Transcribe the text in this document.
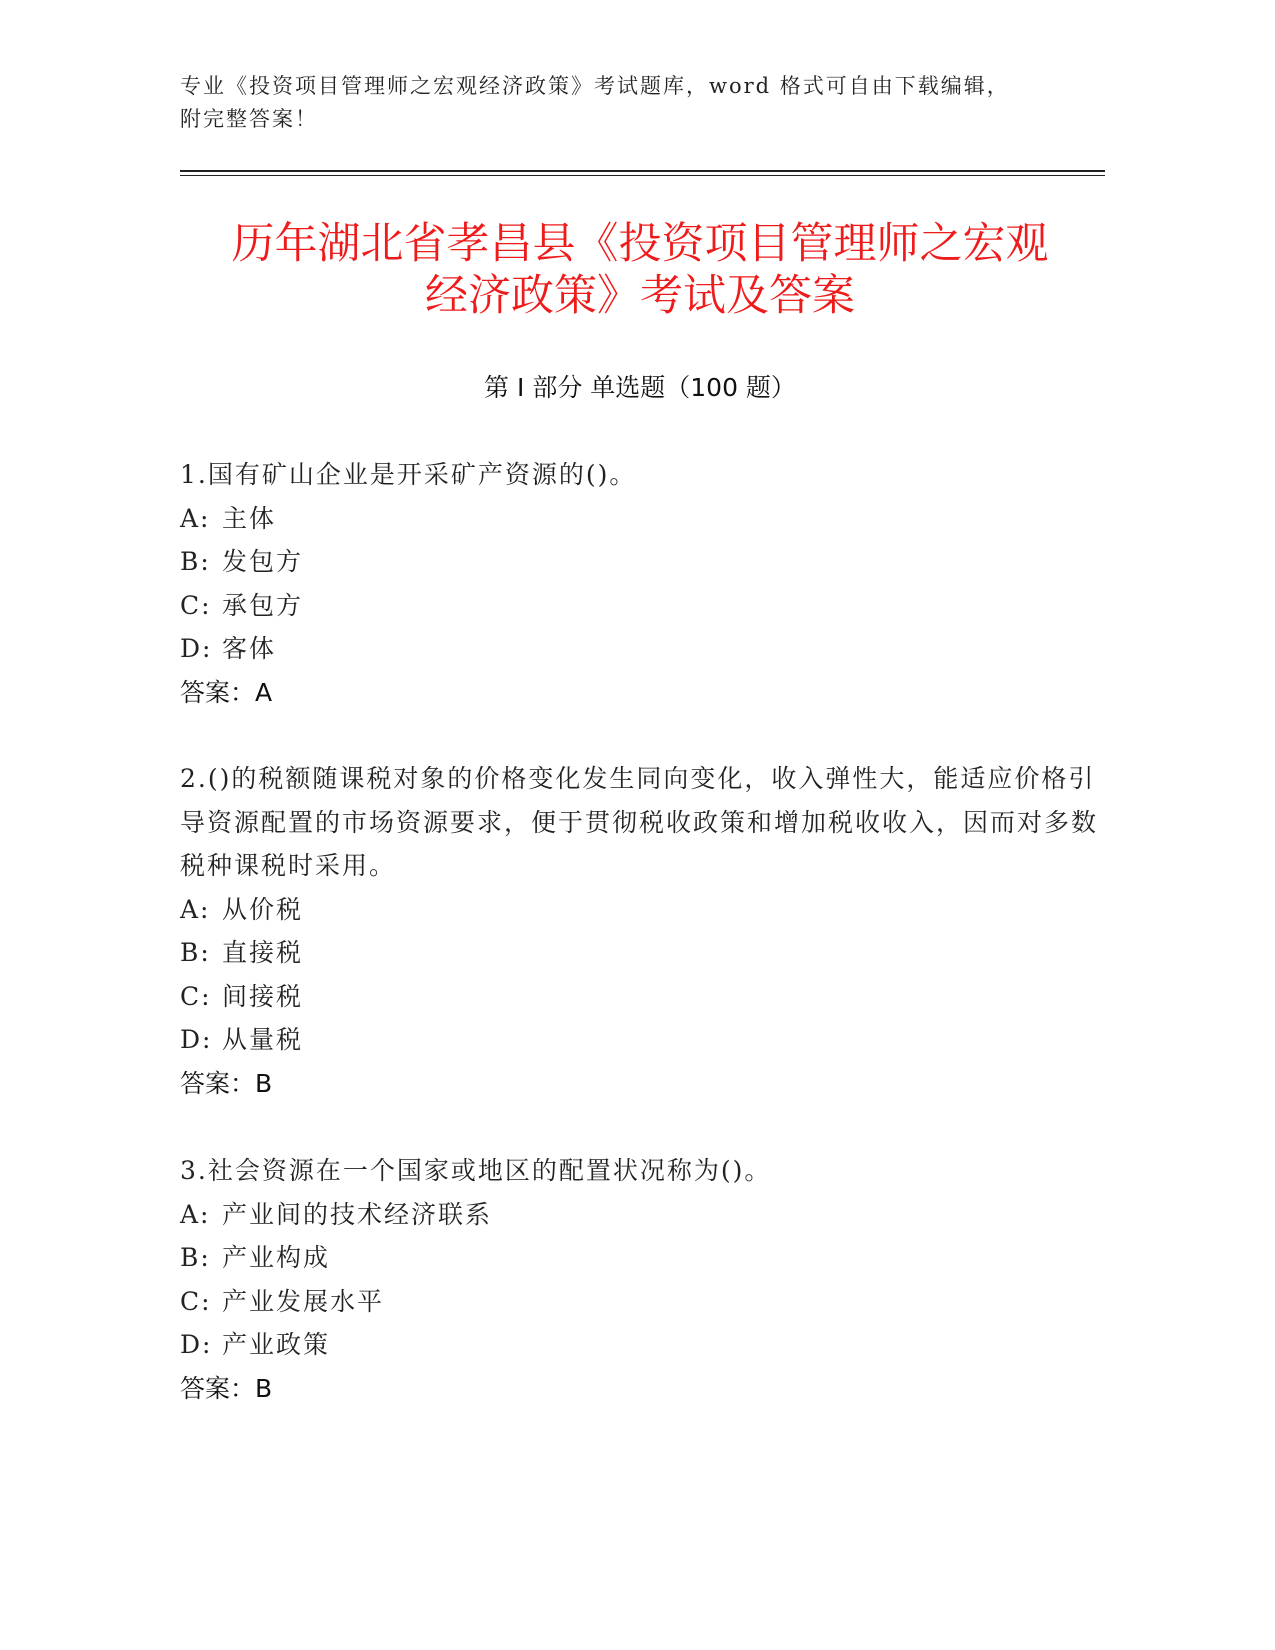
专业《投资项目管理师之宏观经济政策》考试题库，word 格式可自由下载编辑，
附完整答案！
历年湖北省孝昌县《投资项目管理师之宏观
经济政策》考试及答案
第 I 部分 单选题（100 题）

1.国有矿山企业是开采矿产资源的()。

A: 主体

B: 发包方

C: 承包方

D: 客体

答案：A

2.()的税额随课税对象的价格变化发生同向变化，收入弹性大，能适应价格引导资源配置的市场资源要求，便于贯彻税收政策和增加税收收入，因而对多数税种课税时采用。

A: 从价税

B: 直接税

C: 间接税

D: 从量税

答案：B

3.社会资源在一个国家或地区的配置状况称为()。

A: 产业间的技术经济联系

B: 产业构成

C: 产业发展水平

D: 产业政策

答案：B
